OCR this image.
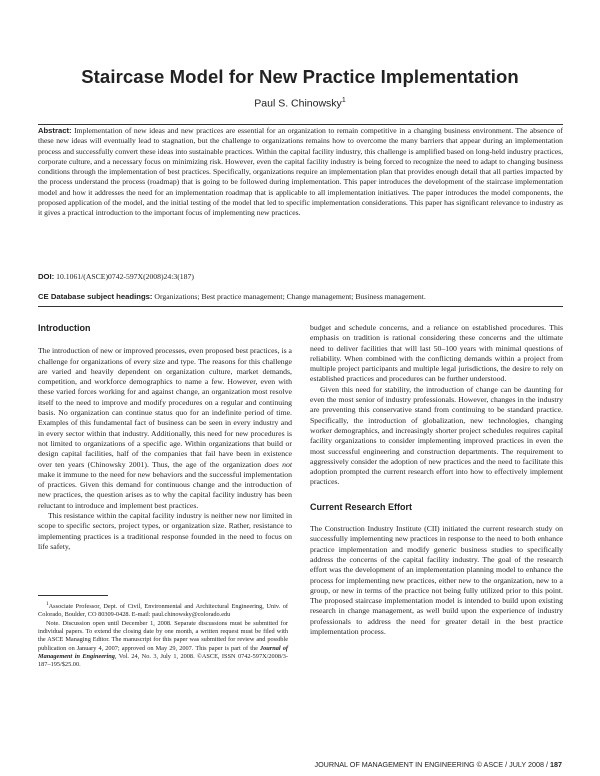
Staircase Model for New Practice Implementation
Paul S. Chinowsky$^1$
Abstract: Implementation of new ideas and new practices are essential for an organization to remain competitive in a changing business environment. The absence of these new ideas will eventually lead to stagnation, but the challenge to organizations remains how to overcome the many barriers that appear during an implementation process and successfully convert these ideas into sustainable practices. Within the capital facility industry, this challenge is amplified based on long-held industry practices, corporate culture, and a necessary focus on minimizing risk. However, even the capital facility industry is being forced to recognize the need to adapt to changing business conditions through the implementation of best practices. Specifically, organizations require an implementation plan that provides enough detail that all parties impacted by the process understand the process (roadmap) that is going to be followed during implementation. This paper introduces the development of the staircase implementation model and how it addresses the need for an implementation roadmap that is applicable to all implementation initiatives. The paper introduces the model components, the proposed application of the model, and the initial testing of the model that led to specific implementation considerations. This paper has significant relevance to industry as it gives a practical introduction to the important focus of implementing new practices.
DOI: 10.1061/(ASCE)0742-597X(2008)24:3(187)
CE Database subject headings: Organizations; Best practice management; Change management; Business management.
Introduction

The introduction of new or improved processes, even proposed best practices, is a challenge for organizations of every size and type. The reasons for this challenge are varied and heavily dependent on organization culture, market demands, competition, and workforce demographics to name a few. However, even with these varied forces working for and against change, an organization most resolve itself to the need to improve and modify procedures on a regular and continuing basis. No organization can continue status quo for an indefinite period of time. Examples of this fundamental fact of business can be seen in every industry and in every sector within that industry. Additionally, this need for new procedures is not limited to organizations of a specific age. Within organizations that build or design capital facilities, half of the companies that fail have been in existence over ten years (Chinowsky 2001). Thus, the age of the organization does not make it immune to the need for new behaviors and the successful implementation of practices. Given this demand for continuous change and the introduction of new practices, the question arises as to why the capital facility industry has been reluctant to introduce and implement best practices.

This resistance within the capital facility industry is neither new nor limited in scope to specific sectors, project types, or organization size. Rather, resistance to implementing practices is a traditional response founded in the need to focus on life safety,

$^1$Associate Professor, Dept. of Civil, Environmental and Architectural Engineering, Univ. of Colorado, Boulder, CO 80309-0428. E-mail: paul.chinowsky@colorado.edu

Note. Discussion open until December 1, 2008. Separate discussions must be submitted for individual papers. To extend the closing date by one month, a written request must be filed with the ASCE Managing Editor. The manuscript for this paper was submitted for review and possible publication on January 4, 2007; approved on May 29, 2007. This paper is part of the Journal of Management in Engineering, Vol. 24, No. 3, July 1, 2008. ©ASCE, ISSN 0742-597X/2008/3-187–195/$25.00.

budget and schedule concerns, and a reliance on established procedures. This emphasis on tradition is rational considering these concerns and the ultimate need to deliver facilities that will last 50–100 years with minimal questions of reliability. When combined with the conflicting demands within a project from multiple project participants and multiple legal jurisdictions, the desire to rely on established practices and procedures can be further understood.

Given this need for stability, the introduction of change can be daunting for even the most senior of industry professionals. However, changes in the industry are preventing this conservative stand from continuing to be standard practice. Specifically, the introduction of globalization, new technologies, changing worker demographics, and increasingly shorter project schedules requires capital facility organizations to consider implementing improved practices in even the most successful engineering and construction departments. The requirement to aggressively consider the adoption of new practices and the need to facilitate this adoption prompted the current research effort into how to effectively implement practices.

Current Research Effort

The Construction Industry Institute (CII) initiated the current research study on successfully implementing new practices in response to the need to both enhance practice implementation and modify generic business studies to specifically address the concerns of the capital facility industry. The goal of the research effort was the development of an implementation planning model to enhance the process for implementing new practices, either new to the organization, new to a group, or new in terms of the practice not being fully utilized prior to this point. The proposed staircase implementation model is intended to build upon existing research in change management, as well build upon the experience of industry professionals to address the need for greater detail in the best practice implementation process.

JOURNAL OF MANAGEMENT IN ENGINEERING © ASCE / JULY 2008 / 187
